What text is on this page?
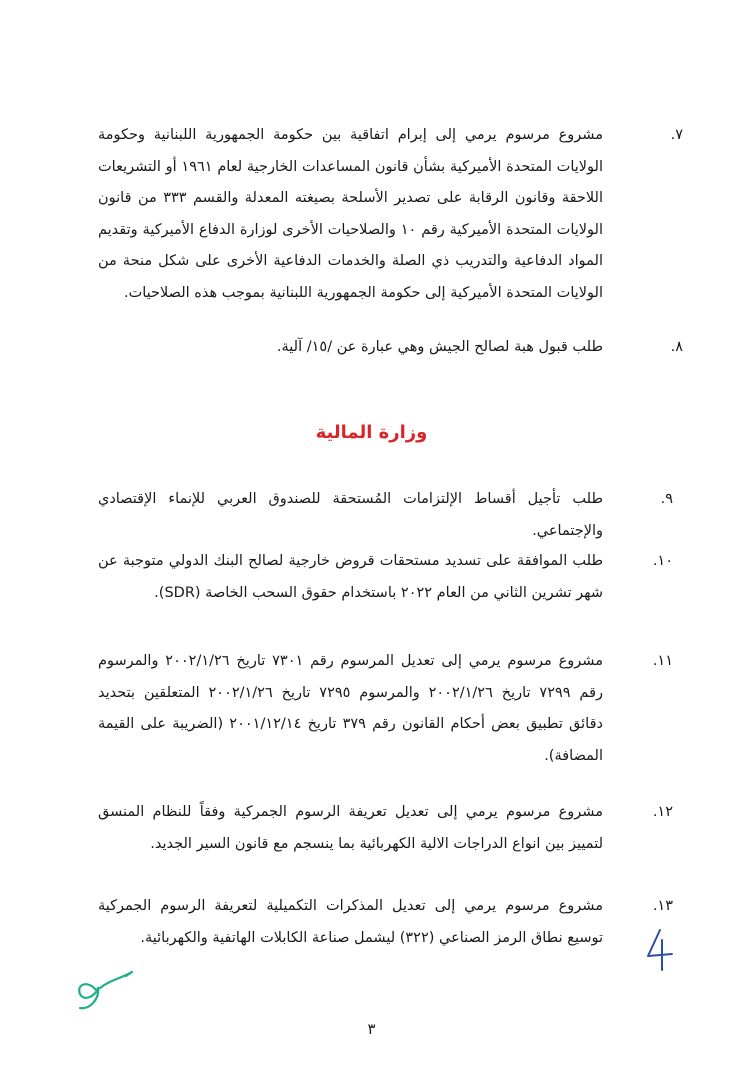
٧.
مشروع مرسوم يرمي إلى إبرام اتفاقية بين حكومة الجمهورية اللبنانية وحكومة الولايات المتحدة الأميركية بشأن قانون المساعدات الخارجية لعام ١٩٦١ أو التشريعات اللاحقة وقانون الرقابة على تصدير الأسلحة بصيغته المعدلة والقسم ٣٣٣ من قانون الولايات المتحدة الأميركية رقم ١٠ والصلاحيات الأخرى لوزارة الدفاع الأميركية وتقديم المواد الدفاعية والتدريب ذي الصلة والخدمات الدفاعية الأخرى على شكل منحة من الولايات المتحدة الأميركية إلى حكومة الجمهورية اللبنانية بموجب هذه الصلاحيات.
٨.
طلب قبول هبة لصالح الجيش وهي عبارة عن /١٥/ آلية.
وزارة المالية
٩.
طلب تأجيل أقساط الإلتزامات المُستحقة للصندوق العربي للإنماء الإقتصادي والإجتماعي.
١٠.
طلب الموافقة على تسديد مستحقات قروض خارجية لصالح البنك الدولي متوجبة عن شهر تشرين الثاني من العام ٢٠٢٢ باستخدام حقوق السحب الخاصة (SDR).
١١.
مشروع مرسوم يرمي إلى تعديل المرسوم رقم ٧٣٠١ تاريخ ٢٠٠٢/١/٢٦ والمرسوم رقم ٧٢٩٩ تاريخ ٢٠٠٢/١/٢٦ والمرسوم ٧٢٩٥ تاريخ ٢٠٠٢/١/٢٦ المتعلقين بتحديد دقائق تطبيق بعض أحكام القانون رقم ٣٧٩ تاريخ ٢٠٠١/١٢/١٤ (الضريبة على القيمة المضافة).
١٢.
مشروع مرسوم يرمي إلى تعديل تعريفة الرسوم الجمركية وفقاً للنظام المنسق لتمييز بين انواع الدراجات الالية الكهربائية بما ينسجم مع قانون السير الجديد.
١٣.
مشروع مرسوم يرمي إلى تعديل المذكرات التكميلية لتعريفة الرسوم الجمركية توسيع نطاق الرمز الصناعي (٣٢٢) ليشمل صناعة الكابلات الهاتفية والكهربائية.
٣
